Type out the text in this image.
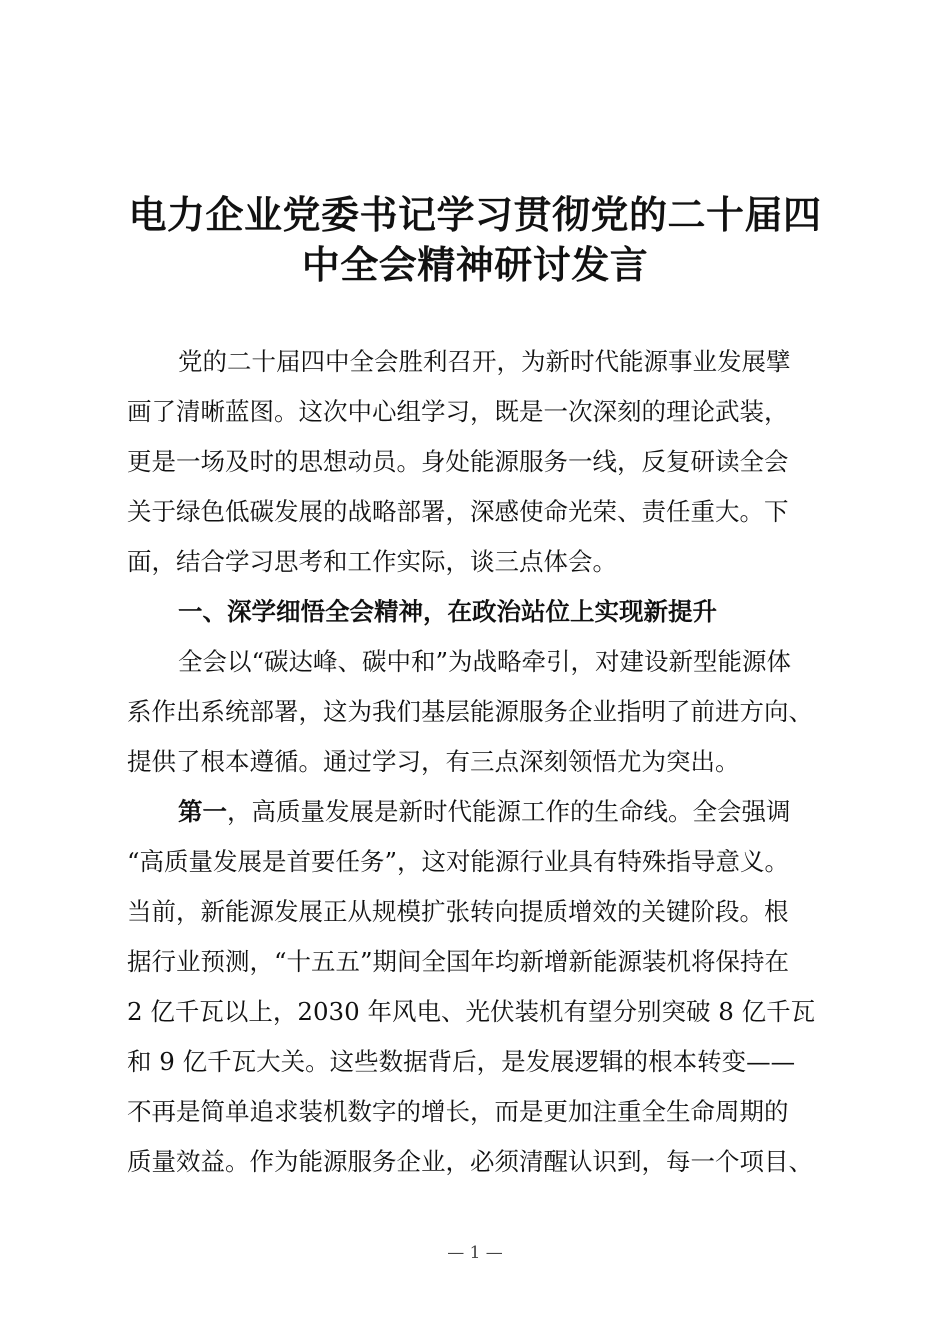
电力企业党委书记学习贯彻党的二十届四
中全会精神研讨发言

党的二十届四中全会胜利召开，为新时代能源事业发展擘

画了清晰蓝图。这次中心组学习，既是一次深刻的理论武装，

更是一场及时的思想动员。身处能源服务一线，反复研读全会

关于绿色低碳发展的战略部署，深感使命光荣、责任重大。下

面，结合学习思考和工作实际，谈三点体会。

一、深学细悟全会精神，在政治站位上实现新提升

全会以“碳达峰、碳中和”为战略牵引，对建设新型能源体

系作出系统部署，这为我们基层能源服务企业指明了前进方向、

提供了根本遵循。通过学习，有三点深刻领悟尤为突出。

第一，高质量发展是新时代能源工作的生命线。全会强调

“高质量发展是首要任务”，这对能源行业具有特殊指导意义。

当前，新能源发展正从规模扩张转向提质增效的关键阶段。根

据行业预测，“十五五”期间全国年均新增新能源装机将保持在

2 亿千瓦以上，2030 年风电、光伏装机有望分别突破 8 亿千瓦

和 9 亿千瓦大关。这些数据背后，是发展逻辑的根本转变——

不再是简单追求装机数字的增长，而是更加注重全生命周期的

质量效益。作为能源服务企业，必须清醒认识到，每一个项目、

— 1 —
